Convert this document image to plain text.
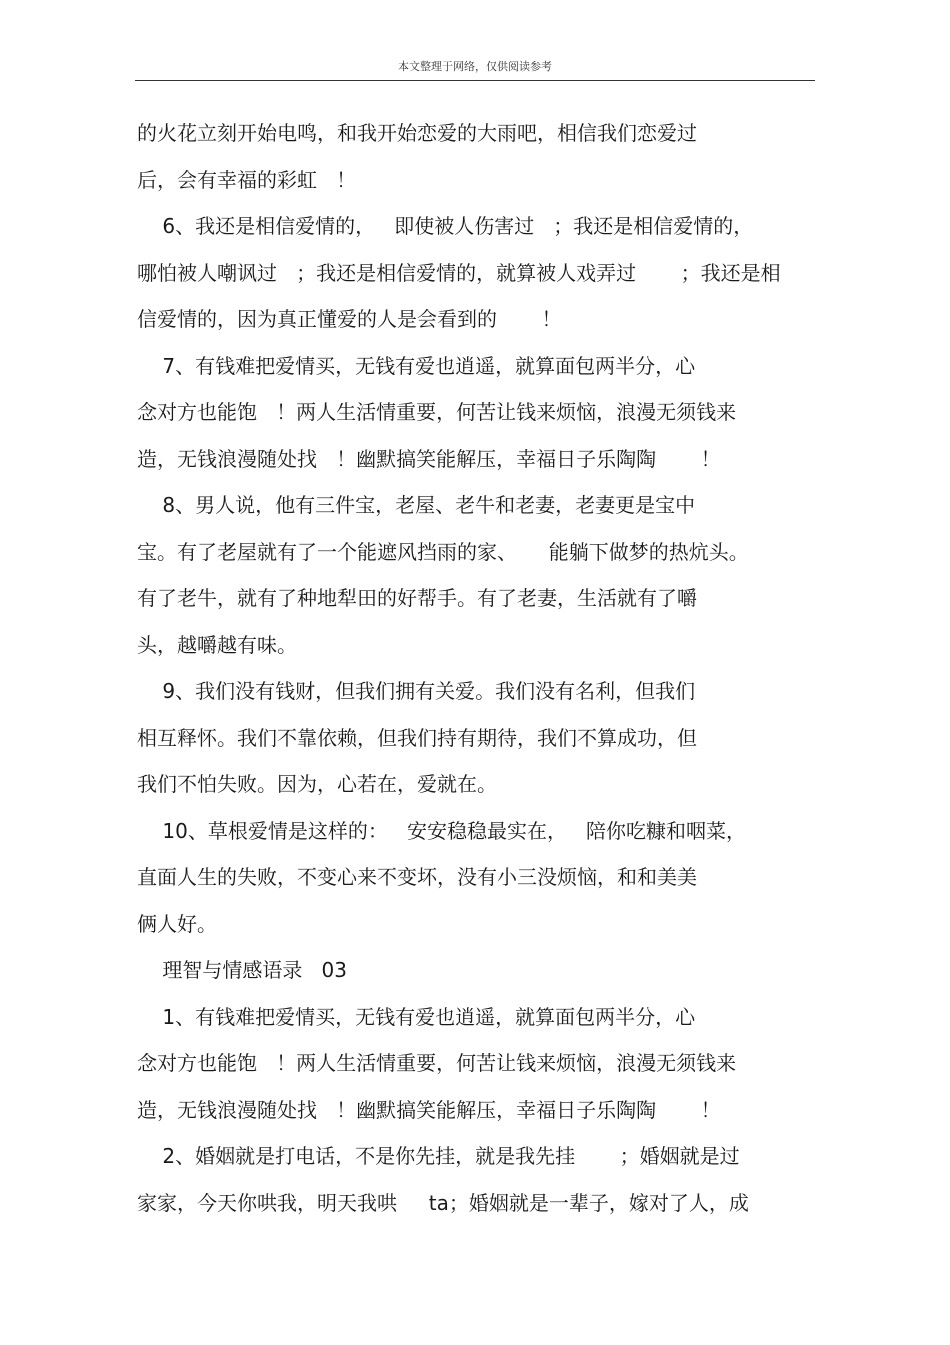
本文整理于网络，仅供阅读参考
的火花立刻开始电鸣，和我开始恋爱的大雨吧，相信我们恋爱过
后，会有幸福的彩虹   ！
6、我还是相信爱情的，   即使被人伤害过   ；我还是相信爱情的，
哪怕被人嘲讽过   ；我还是相信爱情的，就算被人戏弄过       ；我还是相
信爱情的，因为真正懂爱的人是会看到的       ！
7、有钱难把爱情买，无钱有爱也逍遥，就算面包两半分，心
念对方也能饱   ！两人生活情重要，何苦让钱来烦恼，浪漫无须钱来
造，无钱浪漫随处找   ！幽默搞笑能解压，幸福日子乐陶陶       ！
8、男人说，他有三件宝，老屋、老牛和老妻，老妻更是宝中
宝。有了老屋就有了一个能遮风挡雨的家、     能躺下做梦的热炕头。
有了老牛，就有了种地犁田的好帮手。有了老妻，生活就有了嚼
头，越嚼越有味。
9、我们没有钱财，但我们拥有关爱。我们没有名利，但我们
相互释怀。我们不靠依赖，但我们持有期待，我们不算成功，但
我们不怕失败。因为，心若在，爱就在。
10、草根爱情是这样的：   安安稳稳最实在，   陪你吃糠和咽菜，
直面人生的失败，不变心来不变坏，没有小三没烦恼，和和美美
俩人好。
理智与情感语录   03
1、有钱难把爱情买，无钱有爱也逍遥，就算面包两半分，心
念对方也能饱   ！两人生活情重要，何苦让钱来烦恼，浪漫无须钱来
造，无钱浪漫随处找   ！幽默搞笑能解压，幸福日子乐陶陶       ！
2、婚姻就是打电话，不是你先挂，就是我先挂       ；婚姻就是过
家家，今天你哄我，明天我哄     ta；婚姻就是一辈子，嫁对了人，成
